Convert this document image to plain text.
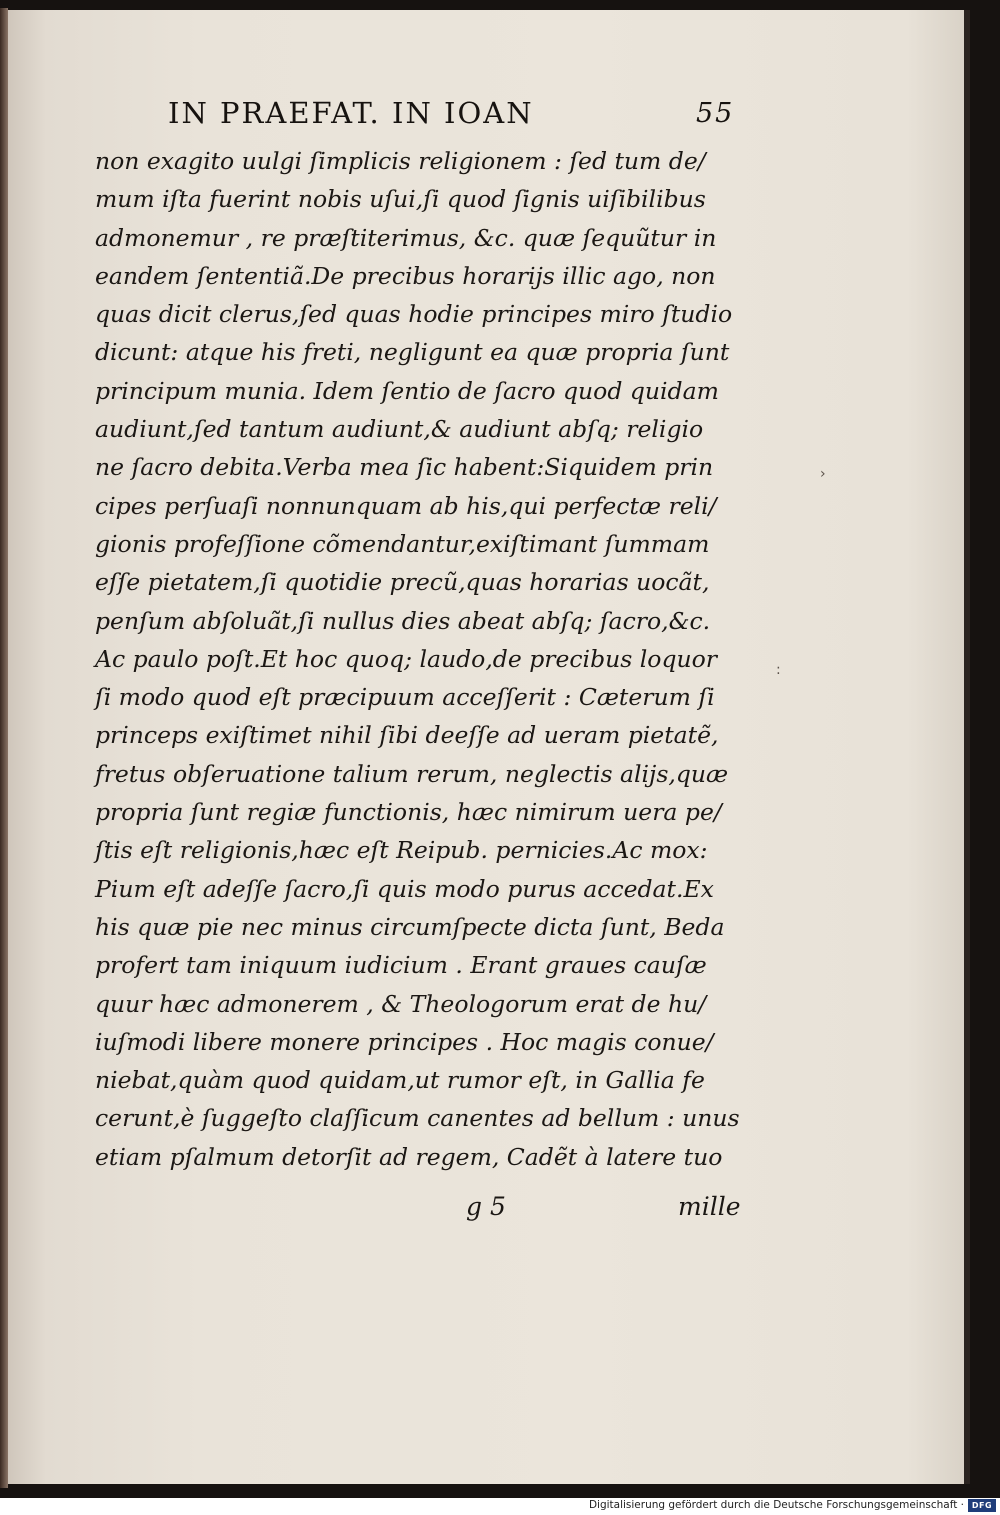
IN PRAEFAT. IN IOAN	55
›
:
non exagito uulgi ſimplicis religionem : ſed tum de/
mum iſta fuerint nobis uſui,ſi quod ſignis uiſibilibus
admonemur , re præſtiterimus, &c. quæ ſequũtur in
eandem ſententiã.De precibus horarijs illic ago, non
quas dicit clerus,ſed quas hodie principes miro ſtudio
dicunt: atque his freti, negligunt ea quæ propria ſunt
principum munia. Idem ſentio de ſacro quod quidam
audiunt,ſed tantum audiunt,& audiunt abſq; religio
ne ſacro debita.Verba mea ſic habent:Siquidem prin
cipes perſuaſi nonnunquam ab his,qui perfectæ reli/
gionis profeſſione cõmendantur,exiſtimant ſummam
eſſe pietatem,ſi quotidie precũ,quas horarias uocãt,
penſum abſoluãt,ſi nullus dies abeat abſq; ſacro,&c.
Ac paulo poſt.Et hoc quoq; laudo,de precibus loquor
ſi modo quod eſt præcipuum acceſſerit : Cæterum ſi
princeps exiſtimet nihil ſibi deeſſe ad ueram pietatẽ,
fretus obſeruatione talium rerum, neglectis alijs,quæ
propria ſunt regiæ functionis, hæc nimirum uera pe/
ſtis eſt religionis,hæc eſt Reipub. pernicies.Ac mox:
Pium eſt adeſſe ſacro,ſi quis modo purus accedat.Ex
his quæ pie nec minus circumſpecte dicta ſunt, Beda
profert tam iniquum iudicium . Erant graues cauſæ
quur hæc admonerem , & Theologorum erat de hu/
iuſmodi libere monere principes . Hoc magis conue/
niebat,quàm quod quidam,ut rumor eſt, in Gallia fe
cerunt,è ſuggeſto claſſicum canentes ad bellum : unus
etiam pſalmum detorſit ad regem, Cadẽt à latere tuo
g 5	mille
Digitalisierung gefördert durch die Deutsche Forschungsgemeinschaft · DFG
